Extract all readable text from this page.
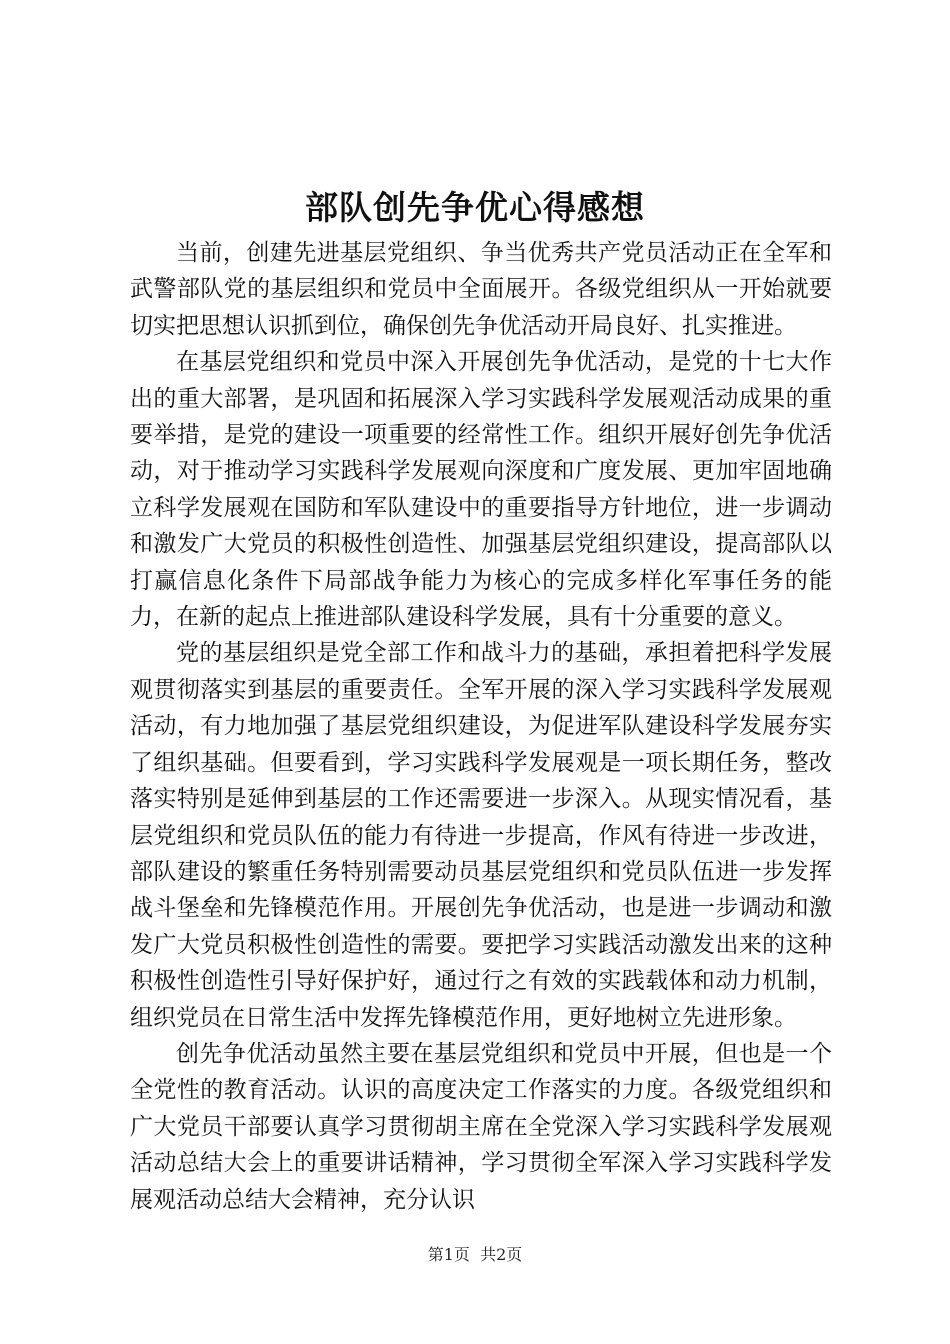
部队创先争优心得感想

当前，创建先进基层党组织、争当优秀共产党员活动正在全军和武警部队党的基层组织和党员中全面展开。各级党组织从一开始就要切实把思想认识抓到位，确保创先争优活动开局良好、扎实推进。

在基层党组织和党员中深入开展创先争优活动，是党的十七大作出的重大部署，是巩固和拓展深入学习实践科学发展观活动成果的重要举措，是党的建设一项重要的经常性工作。组织开展好创先争优活动，对于推动学习实践科学发展观向深度和广度发展、更加牢固地确立科学发展观在国防和军队建设中的重要指导方针地位，进一步调动和激发广大党员的积极性创造性、加强基层党组织建设，提高部队以打赢信息化条件下局部战争能力为核心的完成多样化军事任务的能力，在新的起点上推进部队建设科学发展，具有十分重要的意义。

党的基层组织是党全部工作和战斗力的基础，承担着把科学发展观贯彻落实到基层的重要责任。全军开展的深入学习实践科学发展观活动，有力地加强了基层党组织建设，为促进军队建设科学发展夯实了组织基础。但要看到，学习实践科学发展观是一项长期任务，整改落实特别是延伸到基层的工作还需要进一步深入。从现实情况看，基层党组织和党员队伍的能力有待进一步提高，作风有待进一步改进，部队建设的繁重任务特别需要动员基层党组织和党员队伍进一步发挥战斗堡垒和先锋模范作用。开展创先争优活动，也是进一步调动和激发广大党员积极性创造性的需要。要把学习实践活动激发出来的这种积极性创造性引导好保护好，通过行之有效的实践载体和动力机制，组织党员在日常生活中发挥先锋模范作用，更好地树立先进形象。

创先争优活动虽然主要在基层党组织和党员中开展，但也是一个全党性的教育活动。认识的高度决定工作落实的力度。各级党组织和广大党员干部要认真学习贯彻胡主席在全党深入学习实践科学发展观活动总结大会上的重要讲话精神，学习贯彻全军深入学习实践科学发展观活动总结大会精神，充分认识

第1页  共2页
